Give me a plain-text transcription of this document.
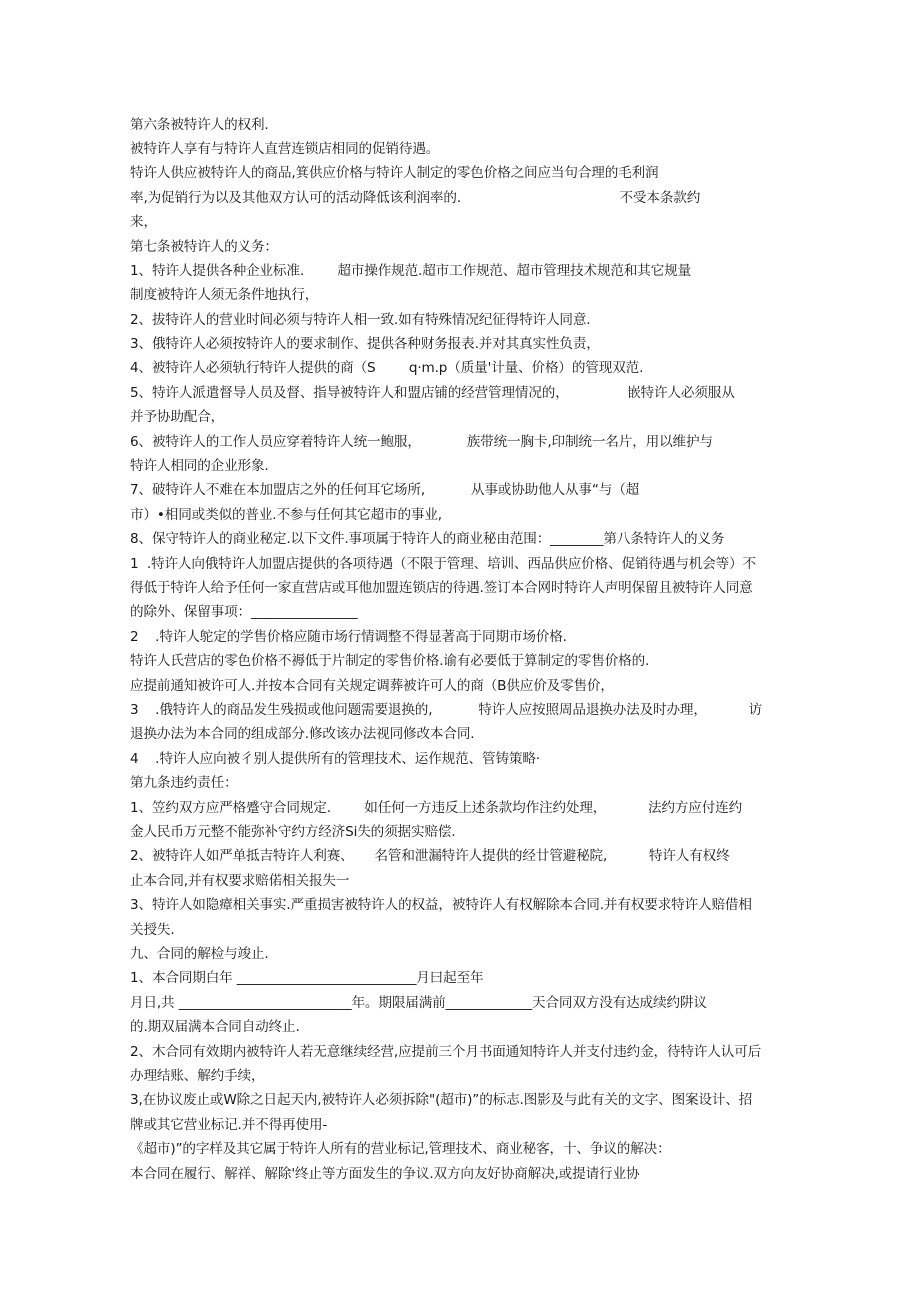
第六条被特许人的权利.
被特许人享有与特许人直营连锁店相同的促销待遇。
特许人供应被特许人的商品,箕供应价格与特许人制定的零色价格之间应当句合理的毛利润
率,为促销行为以及其他双方认可的活动降低该利润率的.                                      不受本条款约
来，
第七条被特许人的义务：
1、特许人提供各种企业标准.        超市操作规范.超市工作规范、超市管理技术规范和其它规量
制度被特许人须无条件地执行，
2、拔特许人的营业时间必须与特许人相一致.如有特殊情况纪征得特许人同意.
3、俄特许人必须按特许人的要求制作、提供各种财务报表.并对其真实性负责，
4、被特许人必须轨行特许人提供的商（S        q·m.p（质量'计量、价格）的管现双范.
5、特许人派遣督导人员及督、指导被特许人和盟店铺的经营管理情况的，              嵌特许人必须服从
并予协助配合，
6、被特许人的工作人员应穿着特许人统一鲍服，           族带统一胸卡,印制统一名片，用以维护与
特许人相同的企业形象.
7、破特许人不难在本加盟店之外的任何耳它场所,           从事或协助他人从事“与（超
市）•相同或类似的普业.不参与任何其它超市的事业,
8、保守特许人的商业秘定.以下文件.事项属于特许人的商业秘由范围：________第八条特许人的义务
1  .特许人向俄特许人加盟店提供的各项待遇（不限于管理、培训、西品供应价格、促销待遇与机会等）不
得低于特许人给予任何一家直营店或耳他加盟连锁店的待遇.签订本合网时特许人声明保留且被特许人同意
的除外、保留事项：________________
2    .特许人鸵定的学售价格应随市场行情调整不得显著高于同期市场价格.
特许人氏营店的零色价格不褥低于片制定的零售价格.谕有必要低于算制定的零售价格的.
应提前通知被许可人.并按本合同有关规定调葬被许可人的商（B供应价及零售价，
3    .俄特许人的商品发生残损或他问题需要退换的,           特许人应按照周品退换办法及时办理，          访
退换办法为本合同的组成部分.修改该办法视同修改本合同.
4    .特许人应向被彳别人提供所有的管理技术、运作规范、管铸策略·
第九条违约责任：
1、笠约双方应严格蹙守合同规定.        如任何一方违反上述条款均作注约处理，          法约方应付连约
金人民币万元整不能弥补守约方经济Si失的须据实赔偿.
2、被特许人如严单抵吉特许人利赛、     名管和泄漏特许人提供的经廿管避秘院,          特许人有权终
止本合同,并有权要求赔偌相关报失一
3、特许人如隐瘴相关事实.严重损害被特许人的权益，被特许人有权解除本合同.并有权要求特许人赔借相
关授失.
九、合同的解检与竣止.
1、本合同期白年 ___________________________月曰起至年
月日,共 __________________________年。期限届满前_____________天合同双方没有达成续约阱议
的.期双届满本合同自动终止.
2、木合同有效期内被特许人若无意继续经营,应提前三个月书面通知特许人并支付违约金，待特许人认可后
办理结账、解约手续，
3,在协议废止或W除之日起天内,被特许人必须拆除"(超市)”的标志.图影及与此有关的文字、图案设计、招
牌或其它营业标记.并不得再使用-
《超市)”的字样及其它属于特许人所有的营业标记,管理技术、商业秘客，十、争议的解决：
本合同在履行、解祥、解除'终止等方面发生的争议.双方向友好协商解决,或提请行业协
